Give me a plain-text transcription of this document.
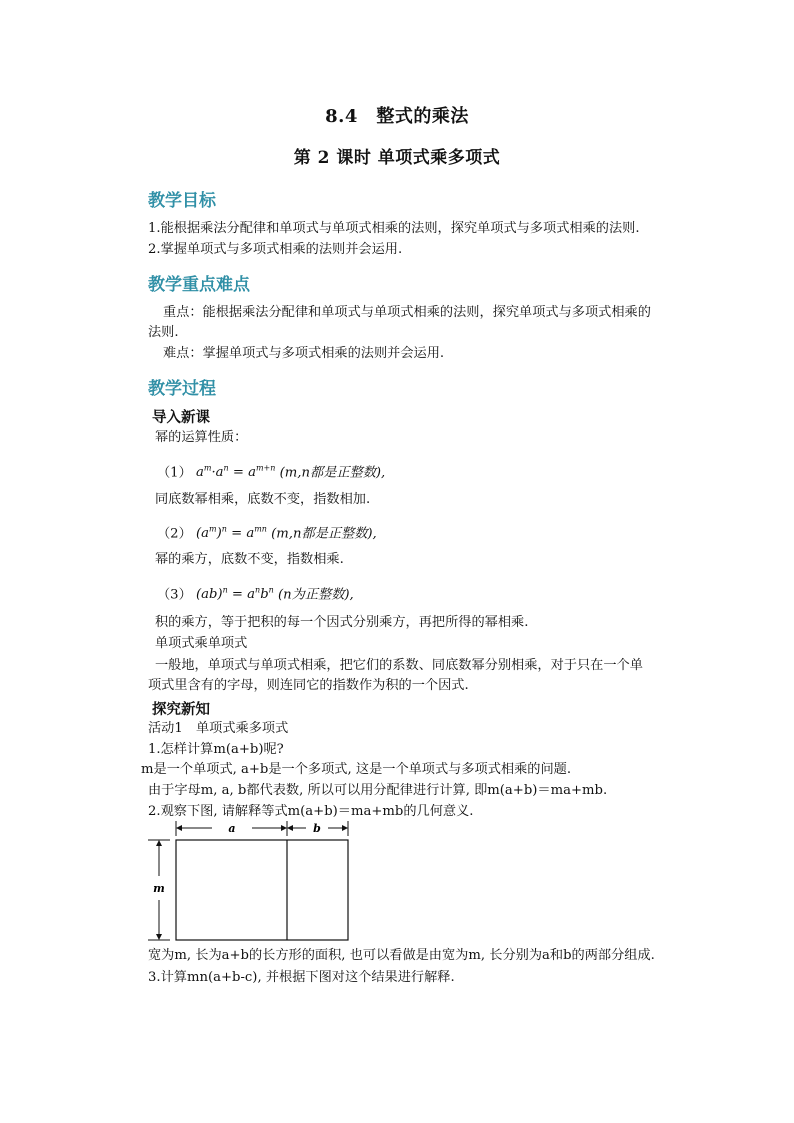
8.4　整式的乘法
第 2 课时 单项式乘多项式
教学目标
1.能根据乘法分配律和单项式与单项式相乘的法则，探究单项式与多项式相乘的法则.
2.掌握单项式与多项式相乘的法则并会运用.
教学重点难点
重点：能根据乘法分配律和单项式与单项式相乘的法则，探究单项式与多项式相乘的
法则.
难点：掌握单项式与多项式相乘的法则并会运用.
教学过程
导入新课
幂的运算性质：
（1） $a^m\cdot a^n = a^{m+n}$ (m,n都是正整数),
同底数幂相乘，底数不变，指数相加.
（2） $(a^m)^n = a^{mn}$ (m,n都是正整数),
幂的乘方，底数不变，指数相乘.
（3） $(ab)^n = a^nb^n$ (n为正整数),
积的乘方，等于把积的每一个因式分别乘方，再把所得的幂相乘.
单项式乘单项式
一般地，单项式与单项式相乘，把它们的系数、同底数幂分别相乘，对于只在一个单
项式里含有的字母，则连同它的指数作为积的一个因式.
探究新知
活动1　单项式乘多项式
1.怎样计算m(a+b)呢?
m是一个单项式, a+b是一个多项式, 这是一个单项式与多项式相乘的问题.
由于字母m, a, b都代表数, 所以可以用分配律进行计算, 即m(a+b)＝ma+mb.
2.观察下图, 请解释等式m(a+b)＝ma+mb的几何意义.
a	b
m
宽为m, 长为a+b的长方形的面积, 也可以看做是由宽为m, 长分别为a和b的两部分组成.
3.计算mn(a+b-c), 并根据下图对这个结果进行解释.
